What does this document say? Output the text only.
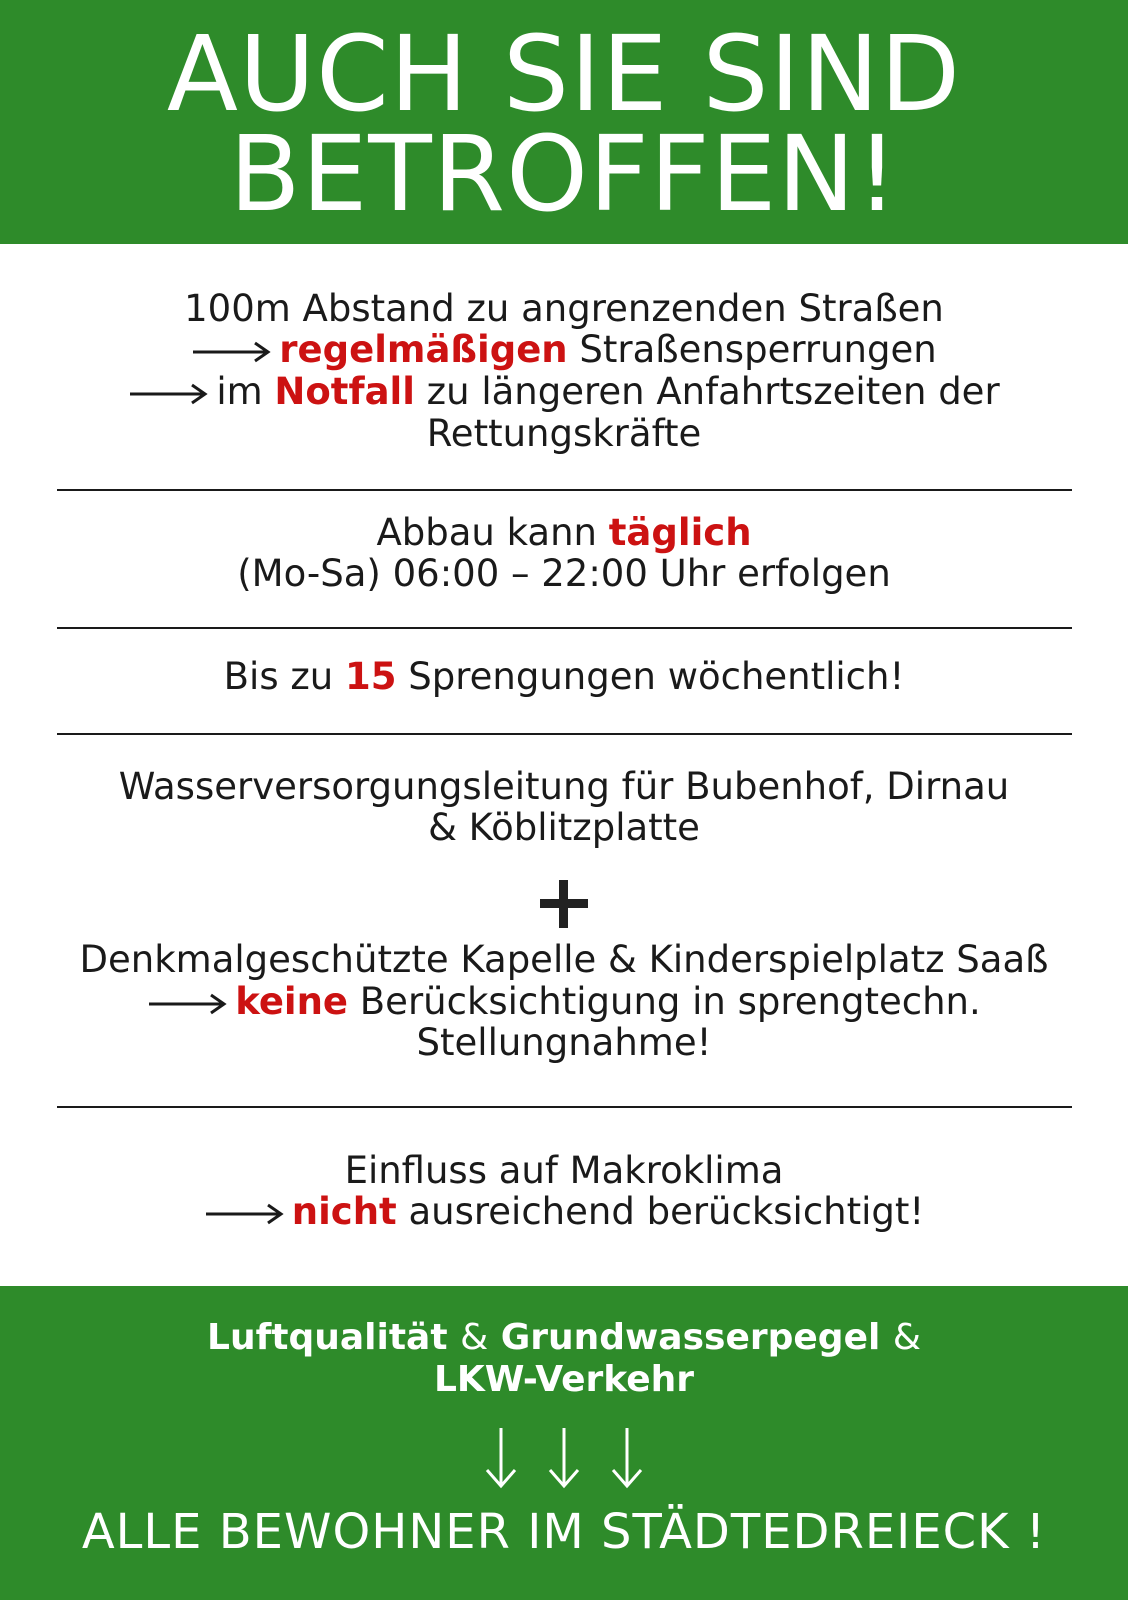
AUCH SIE SIND
BETROFFEN!
100m Abstand zu angrenzenden Straßen
regelmäßigen Straßensperrungen
im Notfall zu längeren Anfahrtszeiten der
Rettungskräfte
Abbau kann täglich
(Mo-Sa) 06:00 – 22:00 Uhr erfolgen
Bis zu 15 Sprengungen wöchentlich!
Wasserversorgungsleitung für Bubenhof, Dirnau
& Köblitzplatte
Denkmalgeschützte Kapelle & Kinderspielplatz Saaß
keine Berücksichtigung in sprengtechn.
Stellungnahme!
Einfluss auf Makroklima
nicht ausreichend berücksichtigt!
Luftqualität & Grundwasserpegel &
LKW-Verkehr

ALLE BEWOHNER IM STÄDTEDREIECK !
